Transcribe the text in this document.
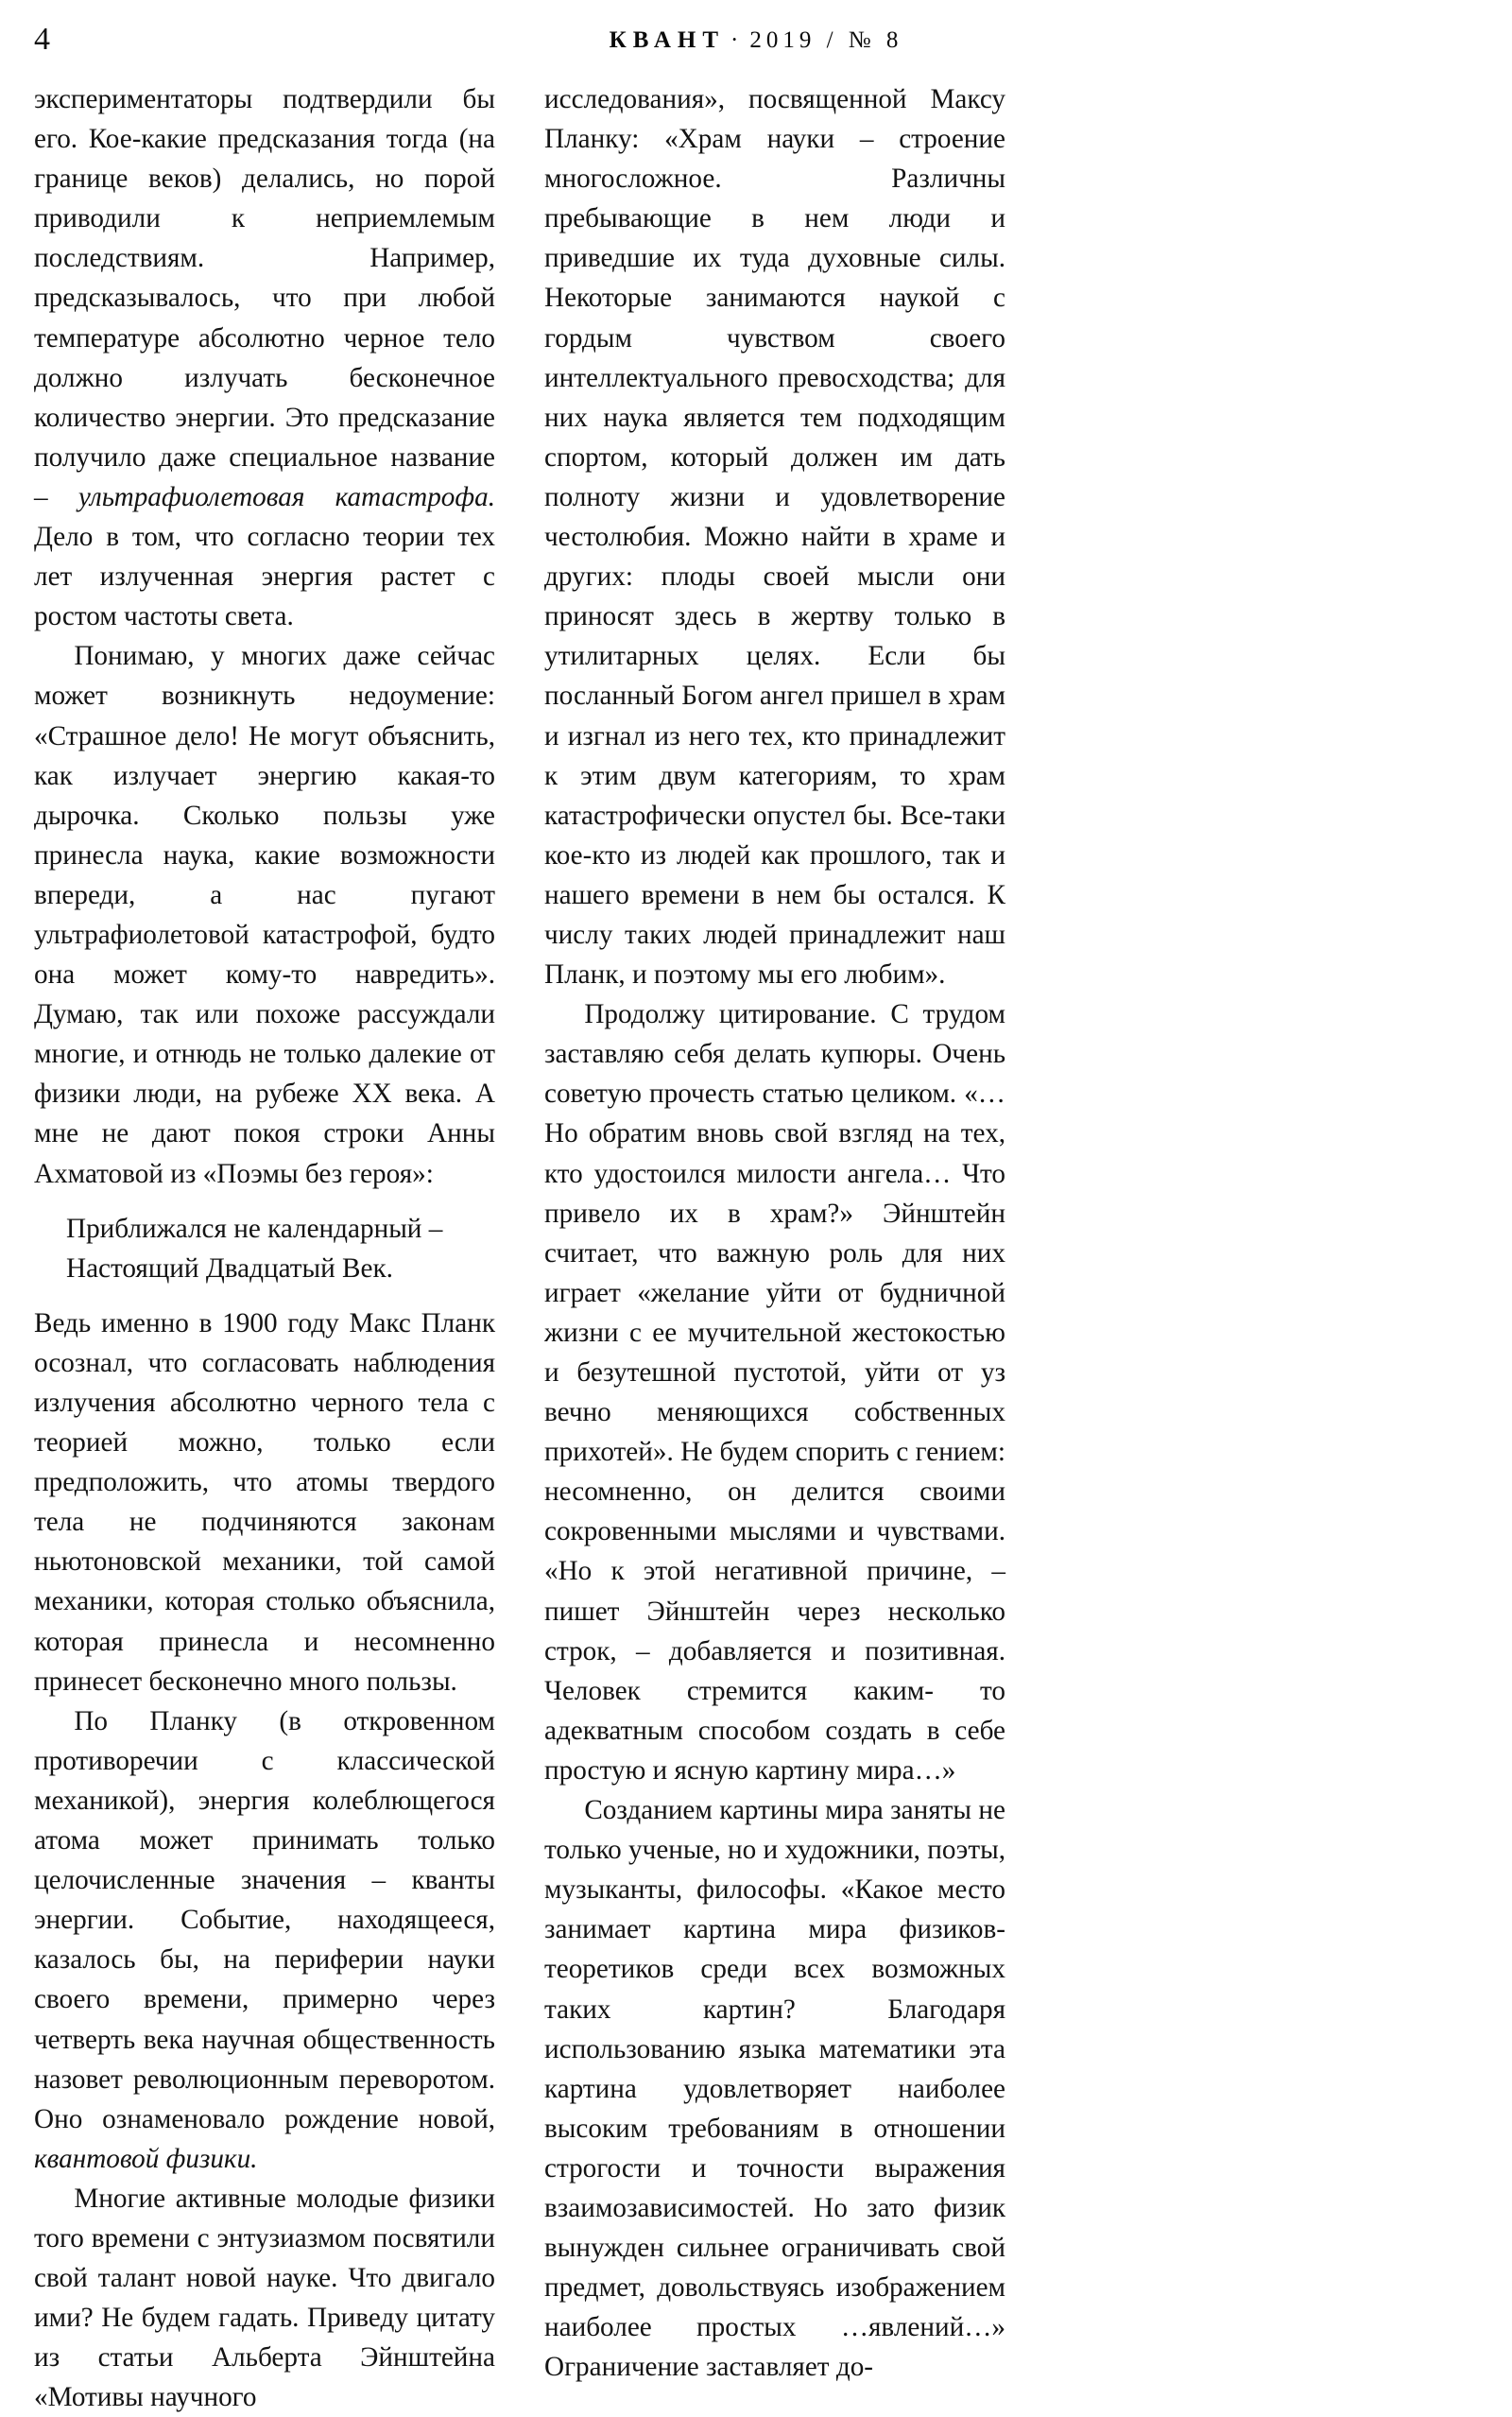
4	КВАНТ · 2019 / № 8

экспериментаторы подтвердили бы его. Кое-какие предсказания тогда (на границе веков) делались, но порой приводили к неприемлемым последствиям. Например, предсказывалось, что при любой температуре абсолютно черное тело должно излучать бесконечное количество энергии. Это предсказание получило даже специальное название – ультрафиолетовая катастрофа. Дело в том, что согласно теории тех лет излученная энергия растет с ростом частоты света.

Понимаю, у многих даже сейчас может возникнуть недоумение: «Страшное дело! Не могут объяснить, как излучает энергию какая-то дырочка. Сколько пользы уже принесла наука, какие возможности впереди, а нас пугают ультрафиолетовой катастрофой, будто она может кому-то навредить». Думаю, так или похоже рассуждали многие, и отнюдь не только далекие от физики люди, на рубеже XX века. А мне не дают покоя строки Анны Ахматовой из «Поэмы без героя»:

Приближался не календарный –
Настоящий Двадцатый Век.

Ведь именно в 1900 году Макс Планк осознал, что согласовать наблюдения излучения абсолютно черного тела с теорией можно, только если предположить, что атомы твердого тела не подчиняются законам ньютоновской механики, той самой механики, которая столько объяснила, которая принесла и несомненно принесет бесконечно много пользы.

По Планку (в откровенном противоречии с классической механикой), энергия колеблющегося атома может принимать только целочисленные значения – кванты энергии. Событие, находящееся, казалось бы, на периферии науки своего времени, примерно через четверть века научная общественность назовет революционным переворотом. Оно ознаменовало рождение новой, квантовой физики.

Многие активные молодые физики того времени с энтузиазмом посвятили свой талант новой науке. Что двигало ими? Не будем гадать. Приведу цитату из статьи Альберта Эйнштейна «Мотивы научного

исследования», посвященной Максу Планку: «Храм науки – строение многосложное. Различны пребывающие в нем люди и приведшие их туда духовные силы. Некоторые занимаются наукой с гордым чувством своего интеллектуального превосходства; для них наука является тем подходящим спортом, который должен им дать полноту жизни и удовлетворение честолюбия. Можно найти в храме и других: плоды своей мысли они приносят здесь в жертву только в утилитарных целях. Если бы посланный Богом ангел пришел в храм и изгнал из него тех, кто принадлежит к этим двум категориям, то храм катастрофически опустел бы. Все-таки кое-кто из людей как прошлого, так и нашего времени в нем бы остался. К числу таких людей принадлежит наш Планк, и поэтому мы его любим».

Продолжу цитирование. С трудом заставляю себя делать купюры. Очень советую прочесть статью целиком. «…Но обратим вновь свой взгляд на тех, кто удостоился милости ангела… Что привело их в храм?» Эйнштейн считает, что важную роль для них играет «желание уйти от будничной жизни с ее мучительной жестокостью и безутешной пустотой, уйти от уз вечно меняющихся собственных прихотей». Не будем спорить с гением: несомненно, он делится своими сокровенными мыслями и чувствами. «Но к этой негативной причине, – пишет Эйнштейн через несколько строк, – добавляется и позитивная. Человек стремится каким- то адекватным способом создать в себе простую и ясную картину мира…»

Созданием картины мира заняты не только ученые, но и художники, поэты, музыканты, философы. «Какое место занимает картина мира физиков-теоретиков среди всех возможных таких картин? Благодаря использованию языка математики эта картина удовлетворяет наиболее высоким требованиям в отношении строгости и точности выражения взаимозависимостей. Но зато физик вынужден сильнее ограничивать свой предмет, довольствуясь изображением наиболее простых …явлений…» Ограничение заставляет до-
